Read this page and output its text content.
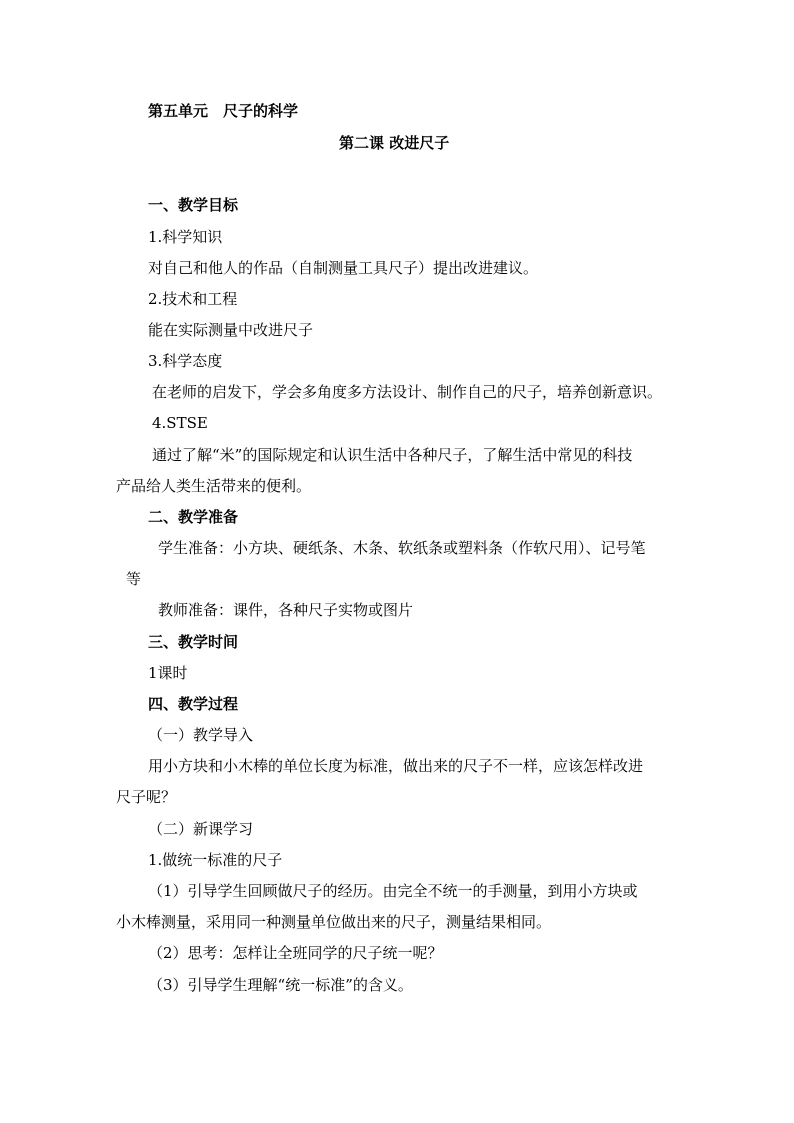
第五单元　尺子的科学
第二课 改进尺子
一、教学目标
1.科学知识
对自己和他人的作品（自制测量工具尺子）提出改进建议。
2.技术和工程
能在实际测量中改进尺子
3.科学态度
在老师的启发下，学会多角度多方法设计、制作自己的尺子，培养创新意识。
4.STSE
通过了解“米”的国际规定和认识生活中各种尺子，了解生活中常见的科技
产品给人类生活带来的便利。
二、教学准备
学生准备：小方块、硬纸条、木条、软纸条或塑料条（作软尺用）、记号笔
等
教师准备：课件，各种尺子实物或图片
三、教学时间
1课时
四、教学过程
（一）教学导入
用小方块和小木棒的单位长度为标准，做出来的尺子不一样，应该怎样改进
尺子呢？
（二）新课学习
1.做统一标准的尺子
（1）引导学生回顾做尺子的经历。由完全不统一的手测量，到用小方块或
小木棒测量，采用同一种测量单位做出来的尺子，测量结果相同。
（2）思考：怎样让全班同学的尺子统一呢？
（3）引导学生理解“统一标准”的含义。
